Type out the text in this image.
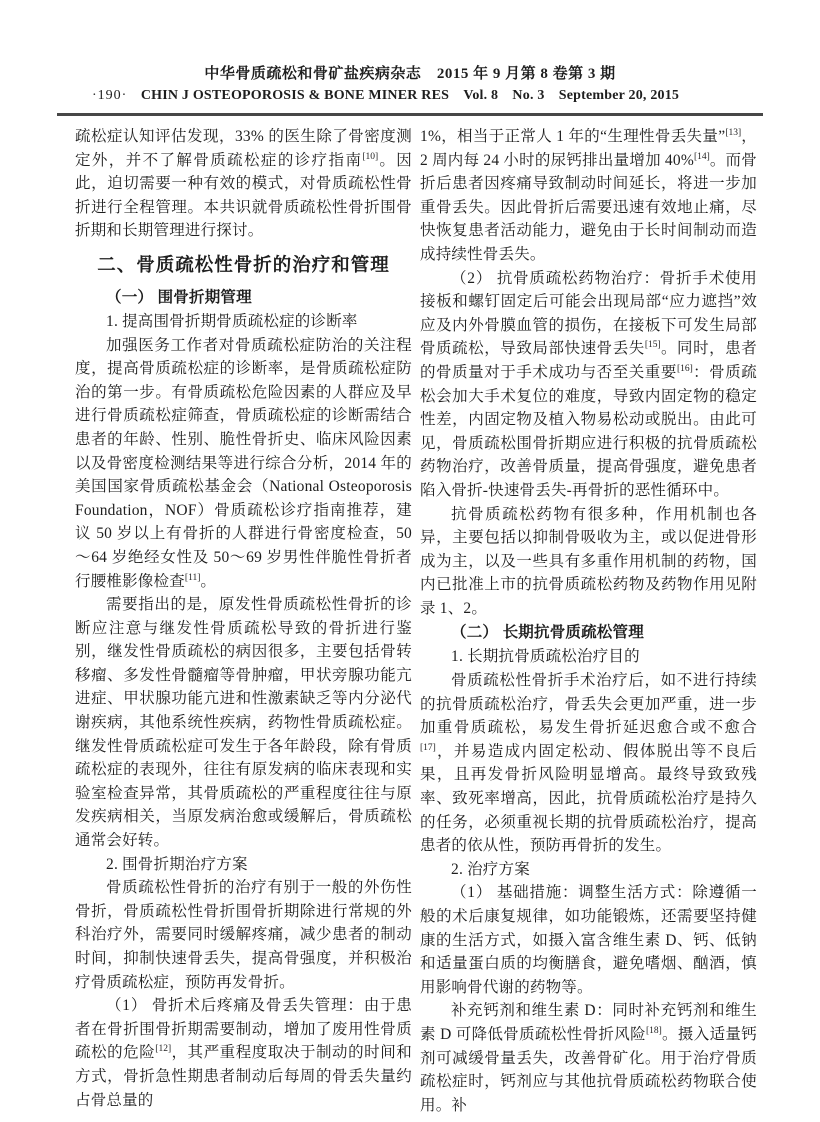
中华骨质疏松和骨矿盐疾病杂志　2015 年 9 月第 8 卷第 3 期
·190· CHIN J OSTEOPOROSIS & BONE MINER RES　Vol. 8　No. 3　September 20, 2015
疏松症认知评估发现，33% 的医生除了骨密度测定外，并不了解骨质疏松症的诊疗指南[10]。因此，迫切需要一种有效的模式，对骨质疏松性骨折进行全程管理。本共识就骨质疏松性骨折围骨折期和长期管理进行探讨。
二、骨质疏松性骨折的治疗和管理
（一） 围骨折期管理
1. 提高围骨折期骨质疏松症的诊断率
加强医务工作者对骨质疏松症防治的关注程度，提高骨质疏松症的诊断率，是骨质疏松症防治的第一步。有骨质疏松危险因素的人群应及早进行骨质疏松症筛查，骨质疏松症的诊断需结合患者的年龄、性别、脆性骨折史、临床风险因素以及骨密度检测结果等进行综合分析，2014 年的美国国家骨质疏松基金会（National Osteoporosis Foundation，NOF）骨质疏松诊疗指南推荐，建议 50 岁以上有骨折的人群进行骨密度检查，50～64 岁绝经女性及 50～69 岁男性伴脆性骨折者行腰椎影像检查[11]。
需要指出的是，原发性骨质疏松性骨折的诊断应注意与继发性骨质疏松导致的骨折进行鉴别，继发性骨质疏松的病因很多，主要包括骨转移瘤、多发性骨髓瘤等骨肿瘤，甲状旁腺功能亢进症、甲状腺功能亢进和性激素缺乏等内分泌代谢疾病，其他系统性疾病，药物性骨质疏松症。继发性骨质疏松症可发生于各年龄段，除有骨质疏松症的表现外，往往有原发病的临床表现和实验室检查异常，其骨质疏松的严重程度往往与原发疾病相关，当原发病治愈或缓解后，骨质疏松通常会好转。
2. 围骨折期治疗方案
骨质疏松性骨折的治疗有别于一般的外伤性骨折，骨质疏松性骨折围骨折期除进行常规的外科治疗外，需要同时缓解疼痛，减少患者的制动时间，抑制快速骨丢失，提高骨强度，并积极治疗骨质疏松症，预防再发骨折。
（1） 骨折术后疼痛及骨丢失管理：由于患者在骨折围骨折期需要制动，增加了废用性骨质疏松的危险[12]，其严重程度取决于制动的时间和方式，骨折急性期患者制动后每周的骨丢失量约占骨总量的
1%，相当于正常人 1 年的“生理性骨丢失量”[13]，2 周内每 24 小时的尿钙排出量增加 40%[14]。而骨折后患者因疼痛导致制动时间延长，将进一步加重骨丢失。因此骨折后需要迅速有效地止痛，尽快恢复患者活动能力，避免由于长时间制动而造成持续性骨丢失。
（2） 抗骨质疏松药物治疗：骨折手术使用接板和螺钉固定后可能会出现局部“应力遮挡”效应及内外骨膜血管的损伤，在接板下可发生局部骨质疏松，导致局部快速骨丢失[15]。同时，患者的骨质量对于手术成功与否至关重要[16]：骨质疏松会加大手术复位的难度，导致内固定物的稳定性差，内固定物及植入物易松动或脱出。由此可见，骨质疏松围骨折期应进行积极的抗骨质疏松药物治疗，改善骨质量，提高骨强度，避免患者陷入骨折-快速骨丢失-再骨折的恶性循环中。
抗骨质疏松药物有很多种，作用机制也各异，主要包括以抑制骨吸收为主，或以促进骨形成为主，以及一些具有多重作用机制的药物，国内已批准上市的抗骨质疏松药物及药物作用见附录 1、2。
（二） 长期抗骨质疏松管理
1. 长期抗骨质疏松治疗目的
骨质疏松性骨折手术治疗后，如不进行持续的抗骨质疏松治疗，骨丢失会更加严重，进一步加重骨质疏松，易发生骨折延迟愈合或不愈合[17]，并易造成内固定松动、假体脱出等不良后果，且再发骨折风险明显增高。最终导致致残率、致死率增高，因此，抗骨质疏松治疗是持久的任务，必须重视长期的抗骨质疏松治疗，提高患者的依从性，预防再骨折的发生。
2. 治疗方案
（1） 基础措施：调整生活方式：除遵循一般的术后康复规律，如功能锻炼，还需要坚持健康的生活方式，如摄入富含维生素 D、钙、低钠和适量蛋白质的均衡膳食，避免嗜烟、酗酒，慎用影响骨代谢的药物等。
补充钙剂和维生素 D：同时补充钙剂和维生素 D 可降低骨质疏松性骨折风险[18]。摄入适量钙剂可减缓骨量丢失，改善骨矿化。用于治疗骨质疏松症时，钙剂应与其他抗骨质疏松药物联合使用。补
